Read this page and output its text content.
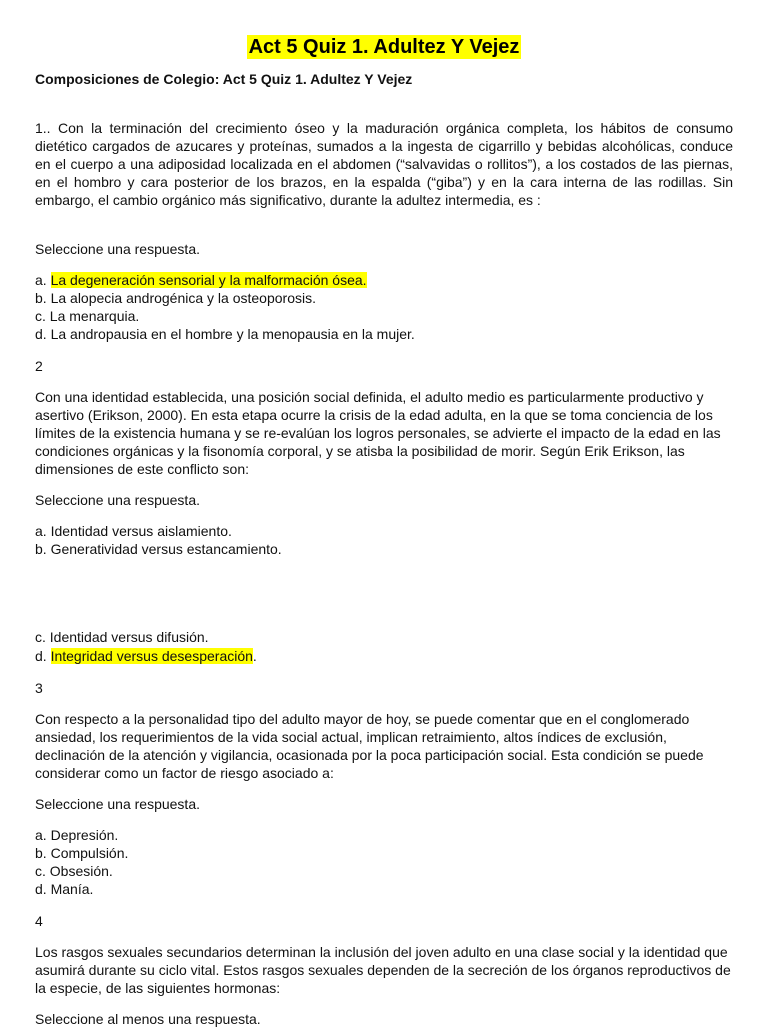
Act 5 Quiz 1. Adultez Y Vejez
Composiciones de Colegio: Act 5 Quiz 1. Adultez Y Vejez

1.. Con la terminación del crecimiento óseo y la maduración orgánica completa, los hábitos de consumo dietético cargados de azucares y proteínas, sumados a la ingesta de cigarrillo y bebidas alcohólicas, conduce en el cuerpo a una adiposidad localizada en el abdomen (“salvavidas o rollitos”), a los costados de las piernas, en el hombro y cara posterior de los brazos, en la espalda (“giba”) y en la cara interna de las rodillas. Sin embargo, el cambio orgánico más significativo, durante la adultez intermedia, es :

Seleccione una respuesta.
a. La degeneración sensorial y la malformación ósea.
b. La alopecia androgénica y la osteoporosis.
c. La menarquia.
d. La andropausia en el hombre y la menopausia en la mujer.
2

Con una identidad establecida, una posición social definida, el adulto medio es particularmente productivo y asertivo (Erikson, 2000). En esta etapa ocurre la crisis de la edad adulta, en la que se toma conciencia de los límites de la existencia humana y se re-evalúan los logros personales, se advierte el impacto de la edad en las condiciones orgánicas y la fisonomía corporal, y se atisba la posibilidad de morir. Según Erik Erikson, las dimensiones de este conflicto son:

Seleccione una respuesta.
a. Identidad versus aislamiento.
b. Generatividad versus estancamiento.
c. Identidad versus difusión.
d. Integridad versus desesperación.
3

Con respecto a la personalidad tipo del adulto mayor de hoy, se puede comentar que en el conglomerado ansiedad, los requerimientos de la vida social actual, implican retraimiento, altos índices de exclusión, declinación de la atención y vigilancia, ocasionada por la poca participación social. Esta condición se puede considerar como un factor de riesgo asociado a:

Seleccione una respuesta.
a. Depresión.
b. Compulsión.
c. Obsesión.
d. Manía.
4

Los rasgos sexuales secundarios determinan la inclusión del joven adulto en una clase social y la identidad que asumirá durante su ciclo vital. Estos rasgos sexuales dependen de la secreción de los órganos reproductivos de la especie, de las siguientes hormonas:

Seleccione al menos una respuesta.
